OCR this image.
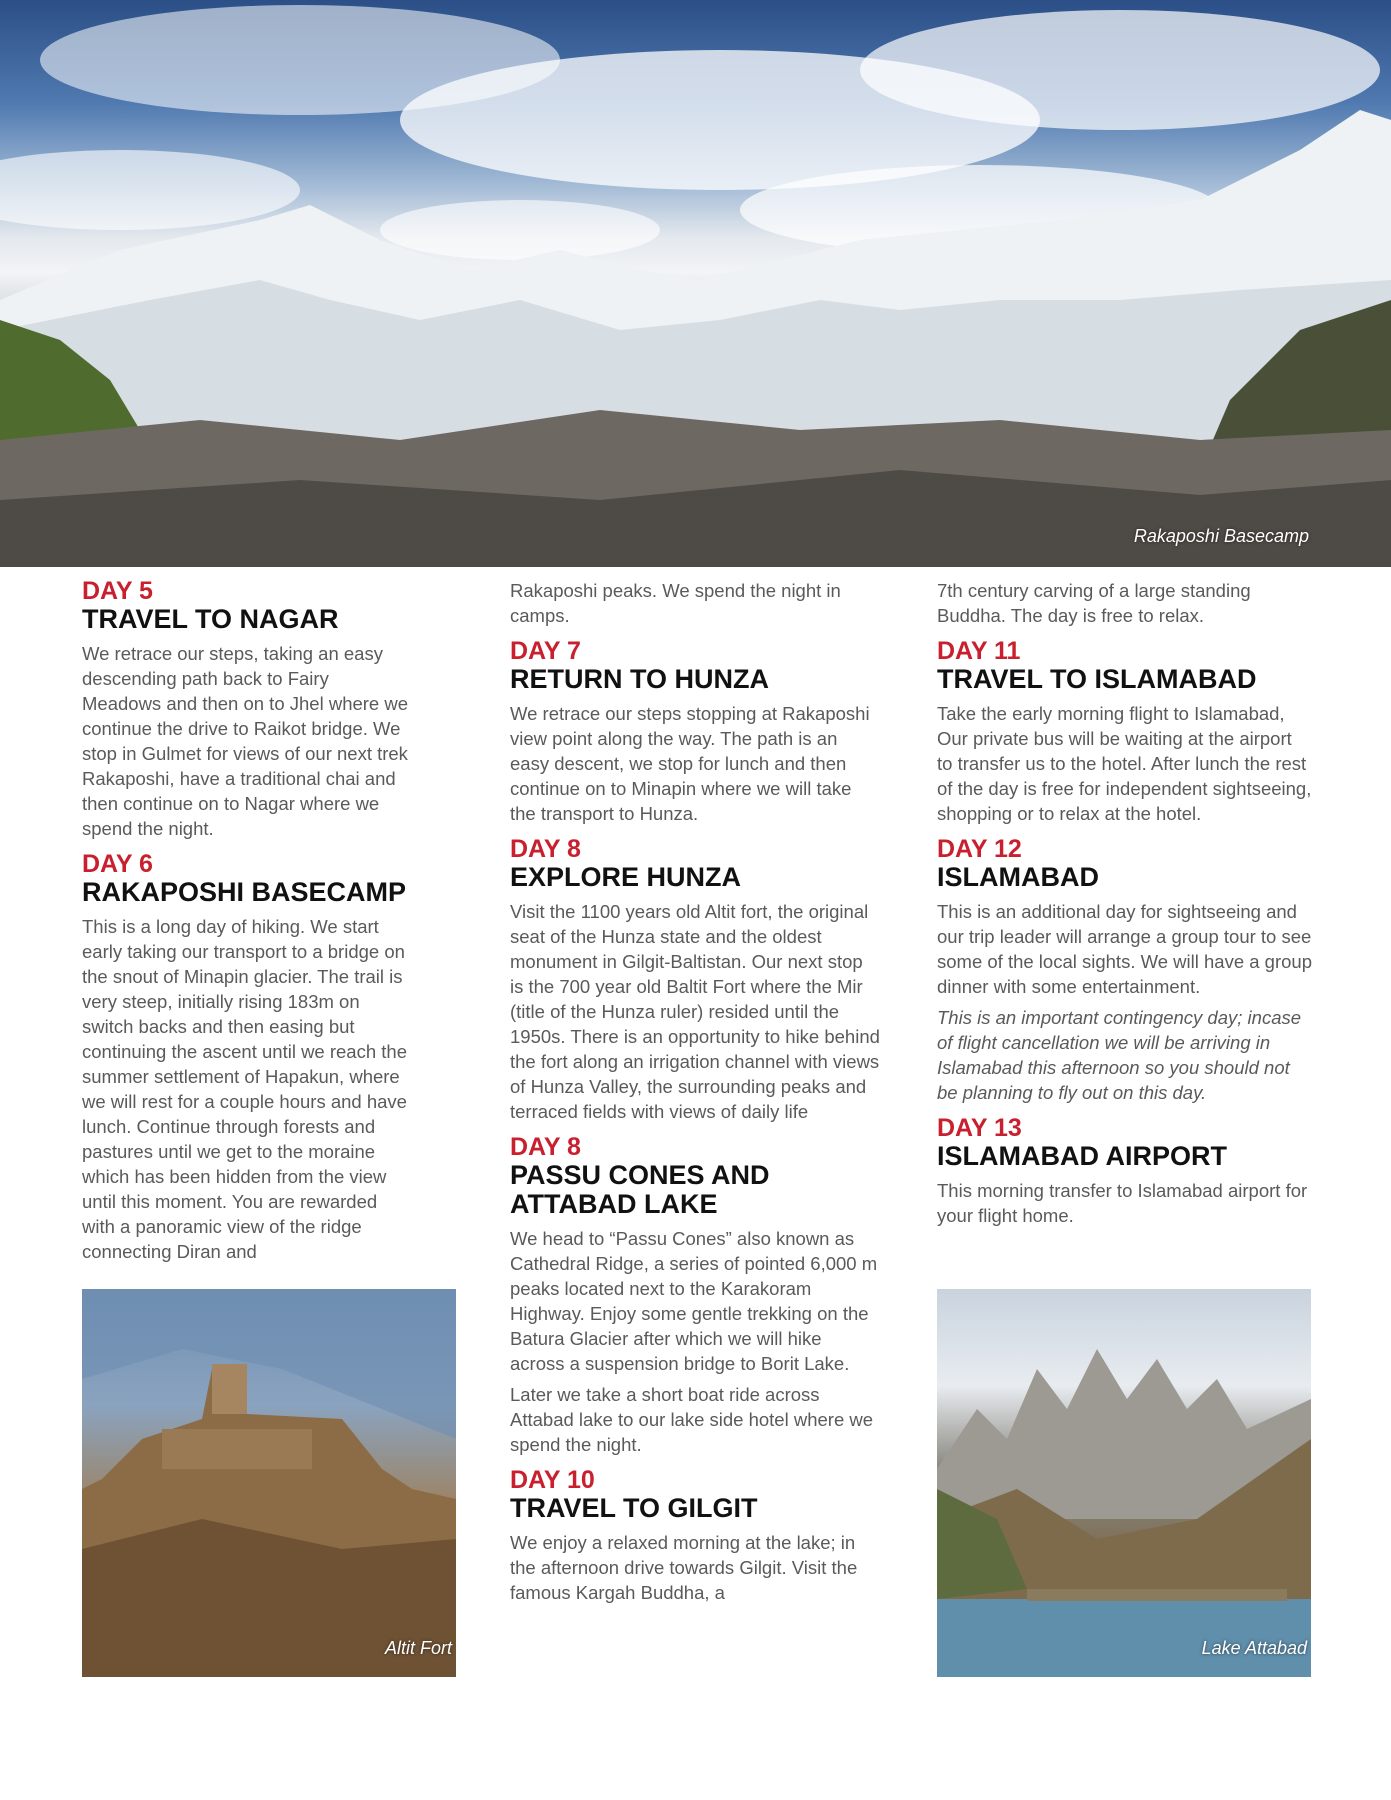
Rakaposhi Basecamp
DAY 5
TRAVEL TO NAGAR

We retrace our steps, taking an easy descending path back to Fairy Meadows and then on to Jhel where we continue the drive to Raikot bridge. We stop in Gulmet for views of our next trek Rakaposhi, have a traditional chai and then continue on to Nagar where we spend the night.

DAY 6
RAKAPOSHI BASECAMP

This is a long day of hiking. We start early taking our transport to a bridge on the snout of Minapin glacier. The trail is very steep, initially rising 183m on switch backs and then easing but continuing the ascent until we reach the summer settlement of Hapakun, where we will rest for a couple hours and have lunch. Continue through forests and pastures until we get to the moraine which has been hidden from the view until this moment. You are rewarded with a panoramic view of the ridge connecting Diran and

Altit Fort

Rakaposhi peaks. We spend the night in camps.

DAY 7
RETURN TO HUNZA

We retrace our steps stopping at Rakaposhi view point along the way. The path is an easy descent, we stop for lunch and then continue on to Minapin where we will take the transport to Hunza.

DAY 8
EXPLORE HUNZA

Visit the 1100 years old Altit fort, the original seat of the Hunza state and the oldest monument in Gilgit-Baltistan. Our next stop is the 700 year old Baltit Fort where the Mir (title of the Hunza ruler) resided until the 1950s. There is an opportunity to hike behind the fort along an irrigation channel with views of Hunza Valley, the surrounding peaks and terraced fields with views of daily life

DAY 8
PASSU CONES AND
ATTABAD LAKE

We head to “Passu Cones” also known as Cathedral Ridge, a series of pointed 6,000 m peaks located next to the Karakoram Highway. Enjoy some gentle trekking on the Batura Glacier after which we will hike across a suspension bridge to Borit Lake.

Later we take a short boat ride across Attabad lake to our lake side hotel where we spend the night.

DAY 10
TRAVEL TO GILGIT

We enjoy a relaxed morning at the lake; in the afternoon drive towards Gilgit. Visit the famous Kargah Buddha, a

7th century carving of a large standing Buddha. The day is free to relax.

DAY 11
TRAVEL TO ISLAMABAD

Take the early morning flight to Islamabad, Our private bus will be waiting at the airport to transfer us to the hotel. After lunch the rest of the day is free for independent sightseeing, shopping or to relax at the hotel.

DAY 12
ISLAMABAD

This is an additional day for sightseeing and our trip leader will arrange a group tour to see some of the local sights. We will have a group dinner with some entertainment.

This is an important contingency day; incase of flight cancellation we will be arriving in Islamabad this afternoon so you should not be planning to fly out on this day.

DAY 13
ISLAMABAD AIRPORT

This morning transfer to Islamabad airport for your flight home.

Lake Attabad
